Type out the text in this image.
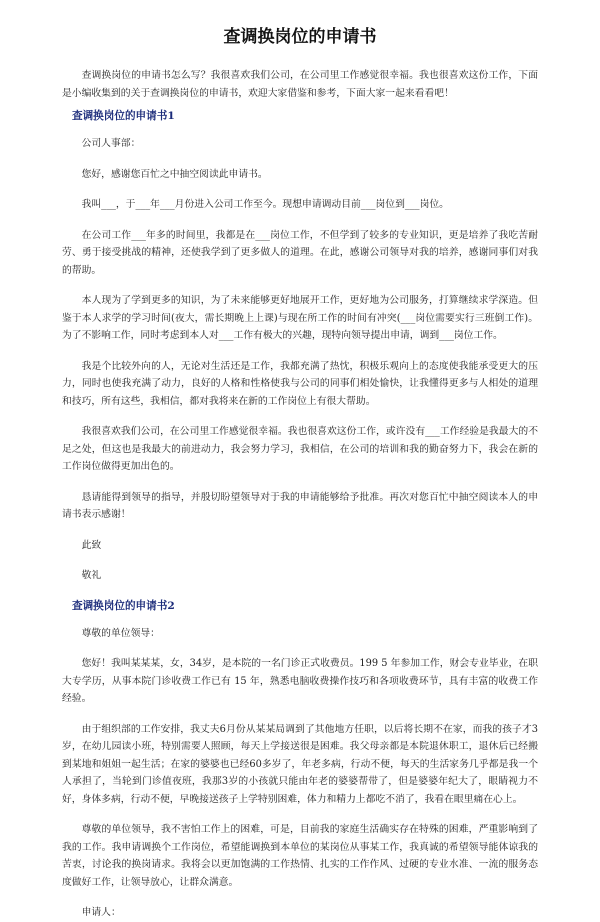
查调换岗位的申请书

查调换岗位的申请书怎么写？我很喜欢我们公司，在公司里工作感觉很幸福。我也很喜欢这份工作，下面是小编收集到的关于查调换岗位的申请书，欢迎大家借鉴和参考，下面大家一起来看看吧！

查调换岗位的申请书1

公司人事部：

您好，感谢您百忙之中抽空阅读此申请书。

我叫___，于___年___月份进入公司工作至今。现想申请调动目前___岗位到___岗位。

在公司工作___年多的时间里，我都是在___岗位工作，不但学到了较多的专业知识，更是培养了我吃苦耐劳、勇于接受挑战的精神，还使我学到了更多做人的道理。在此，感谢公司领导对我的培养，感谢同事们对我的帮助。

本人现为了学到更多的知识，为了未来能够更好地展开工作，更好地为公司服务，打算继续求学深造。但鉴于本人求学的学习时间(夜大，需长期晚上上课)与现在所工作的时间有冲突(___岗位需要实行三班倒工作)。为了不影响工作，同时考虑到本人对___工作有极大的兴趣，现特向领导提出申请，调到___岗位工作。

我是个比较外向的人，无论对生活还是工作，我都充满了热忱，积极乐观向上的态度使我能承受更大的压力，同时也使我充满了动力，良好的人格和性格使我与公司的同事们相处愉快，让我懂得更多与人相处的道理和技巧，所有这些，我相信，都对我将来在新的工作岗位上有很大帮助。

我很喜欢我们公司，在公司里工作感觉很幸福。我也很喜欢这份工作，或许没有___工作经验是我最大的不足之处，但这也是我最大的前进动力，我会努力学习，我相信，在公司的培训和我的勤奋努力下，我会在新的工作岗位做得更加出色的。

恳请能得到领导的指导，并殷切盼望领导对于我的申请能够给予批准。再次对您百忙中抽空阅读本人的申请书表示感谢！

此致

敬礼

查调换岗位的申请书2

尊敬的单位领导：

您好！我叫某某某，女，34岁，是本院的一名门诊正式收费员。199 5 年参加工作，财会专业毕业，在职大专学历，从事本院门诊收费工作已有 15 年，熟悉电脑收费操作技巧和各项收费环节，具有丰富的收费工作经验。

由于组织部的工作安排，我丈夫6月份从某某局调到了其他地方任职，以后将长期不在家，而我的孩子才3岁，在幼儿园读小班，特别需要人照顾，每天上学接送很是困难。我父母亲都是本院退休职工，退休后已经搬到某地和姐姐一起生活；在家的婆婆也已经60多岁了，年老多病，行动不便，每天的生活家务几乎都是我一个人承担了，当轮到门诊值夜班，我那3岁的小孩就只能由年老的婆婆帮带了，但是婆婆年纪大了，眼睛视力不好，身体多病，行动不便，早晚接送孩子上学特别困难，体力和精力上都吃不消了，我看在眼里痛在心上。

尊敬的单位领导，我不害怕工作上的困难，可是，目前我的家庭生活确实存在特殊的困难，严重影响到了我的工作。我申请调换个工作岗位，希望能调换到本单位的某岗位从事某工作，我真诚的希望领导能体谅我的苦衷，讨论我的换岗请求。我将会以更加饱满的工作热情、扎实的工作作风、过硬的专业水准、一流的服务态度做好工作，让领导放心，让群众满意。

申请人：
